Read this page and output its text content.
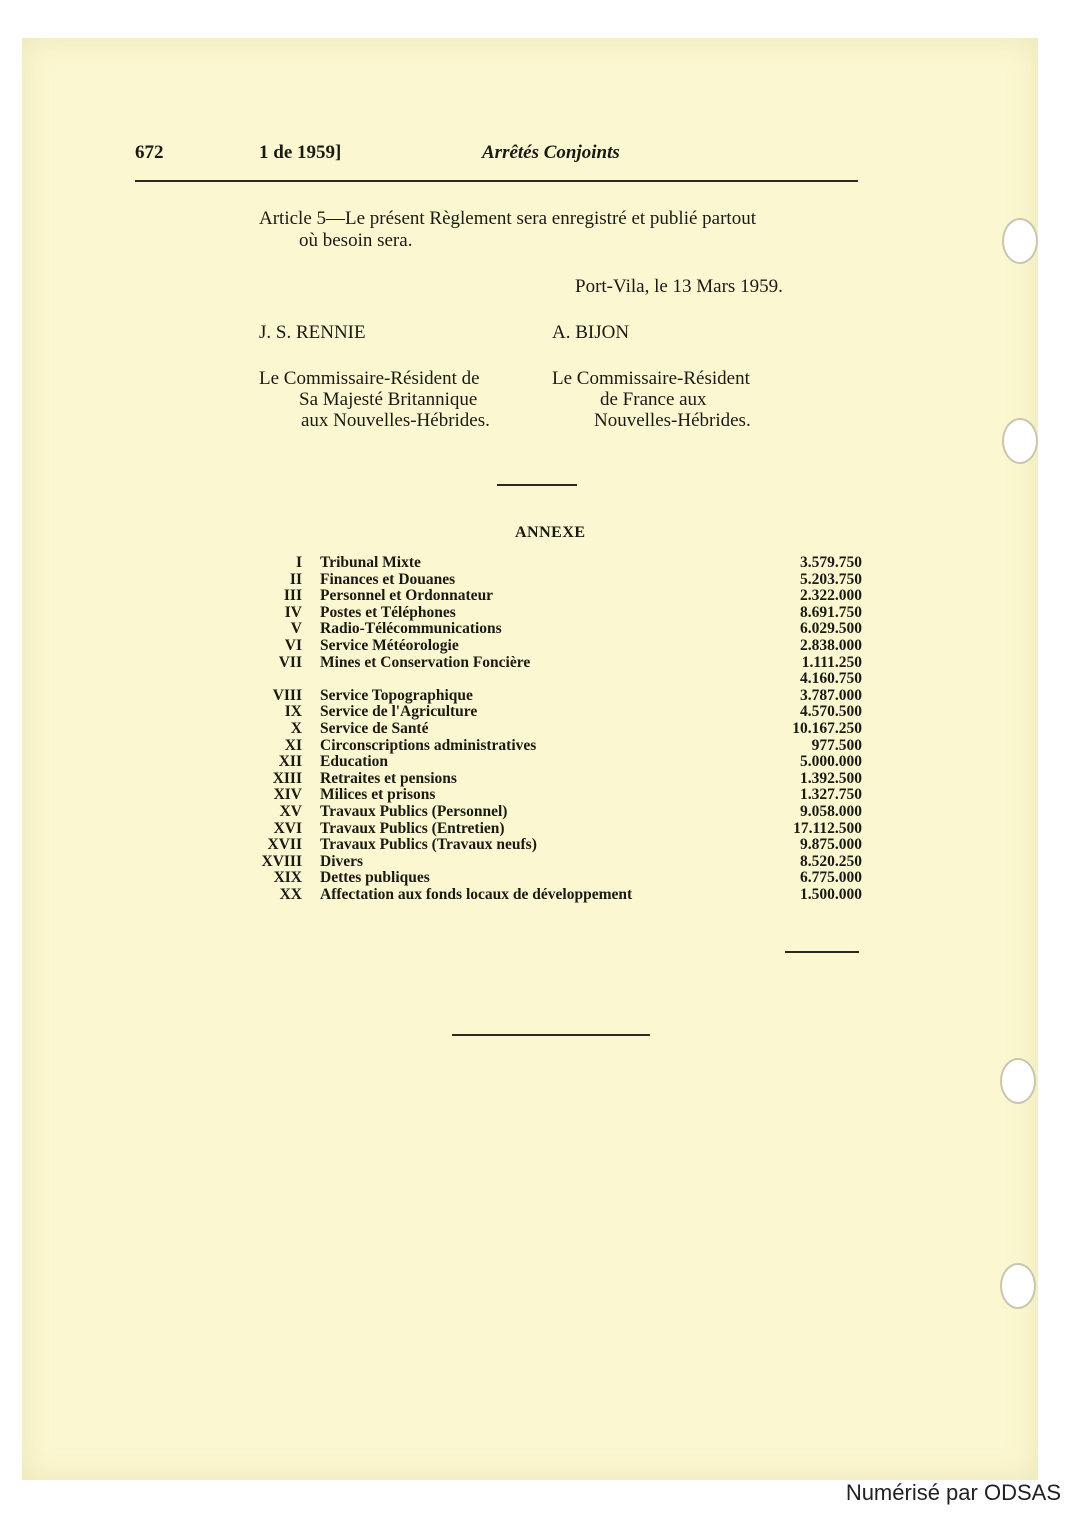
672	1 de 1959]	Arrêtés Conjoints
Article 5—Le présent Règlement sera enregistré et publié partout
où besoin sera.
Port-Vila, le 13 Mars 1959.
J. S. RENNIE	A. BIJON
Le Commissaire-Résident de
Sa Majesté Britannique
aux Nouvelles-Hébrides.
Le Commissaire-Résident
de France aux
Nouvelles-Hébrides.
ANNEXE
I Tribunal Mixte	3.579.750
II Finances et Douanes	5.203.750
III Personnel et Ordonnateur	2.322.000
IV Postes et Téléphones	8.691.750
V Radio-Télécommunications	6.029.500
VI Service Météorologie	2.838.000
VII Mines et Conservation Foncière	1.111.250
4.160.750
VIII Service Topographique	3.787.000
IX Service de l'Agriculture	4.570.500
X Service de Santé	10.167.250
XI Circonscriptions administratives	977.500
XII Education	5.000.000
XIII Retraites et pensions	1.392.500
XIV Milices et prisons	1.327.750
XV Travaux Publics (Personnel)	9.058.000
XVI Travaux Publics (Entretien)	17.112.500
XVII Travaux Publics (Travaux neufs)	9.875.000
XVIII Divers	8.520.250
XIX Dettes publiques	6.775.000
XX Affectation aux fonds locaux de développement	1.500.000
Numérisé par ODSAS
